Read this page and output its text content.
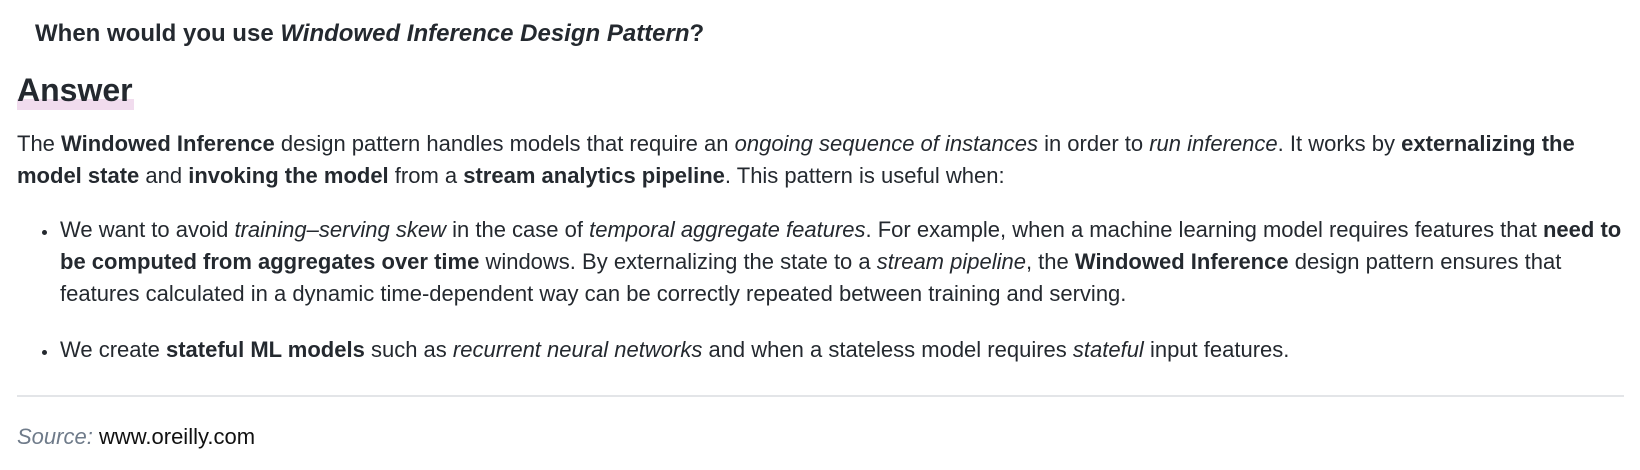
When would you use Windowed Inference Design Pattern?
Answer

The Windowed Inference design pattern handles models that require an ongoing sequence of instances in order to run inference. It works by externalizing the model state and invoking the model from a stream analytics pipeline. This pattern is useful when:

• We want to avoid training–serving skew in the case of temporal aggregate features. For example, when a machine learning model requires features that need to be computed from aggregates over time windows. By externalizing the state to a stream pipeline, the Windowed Inference design pattern ensures that features calculated in a dynamic time-dependent way can be correctly repeated between training and serving.
• We create stateful ML models such as recurrent neural networks and when a stateless model requires stateful input features.
Source: www.oreilly.com
